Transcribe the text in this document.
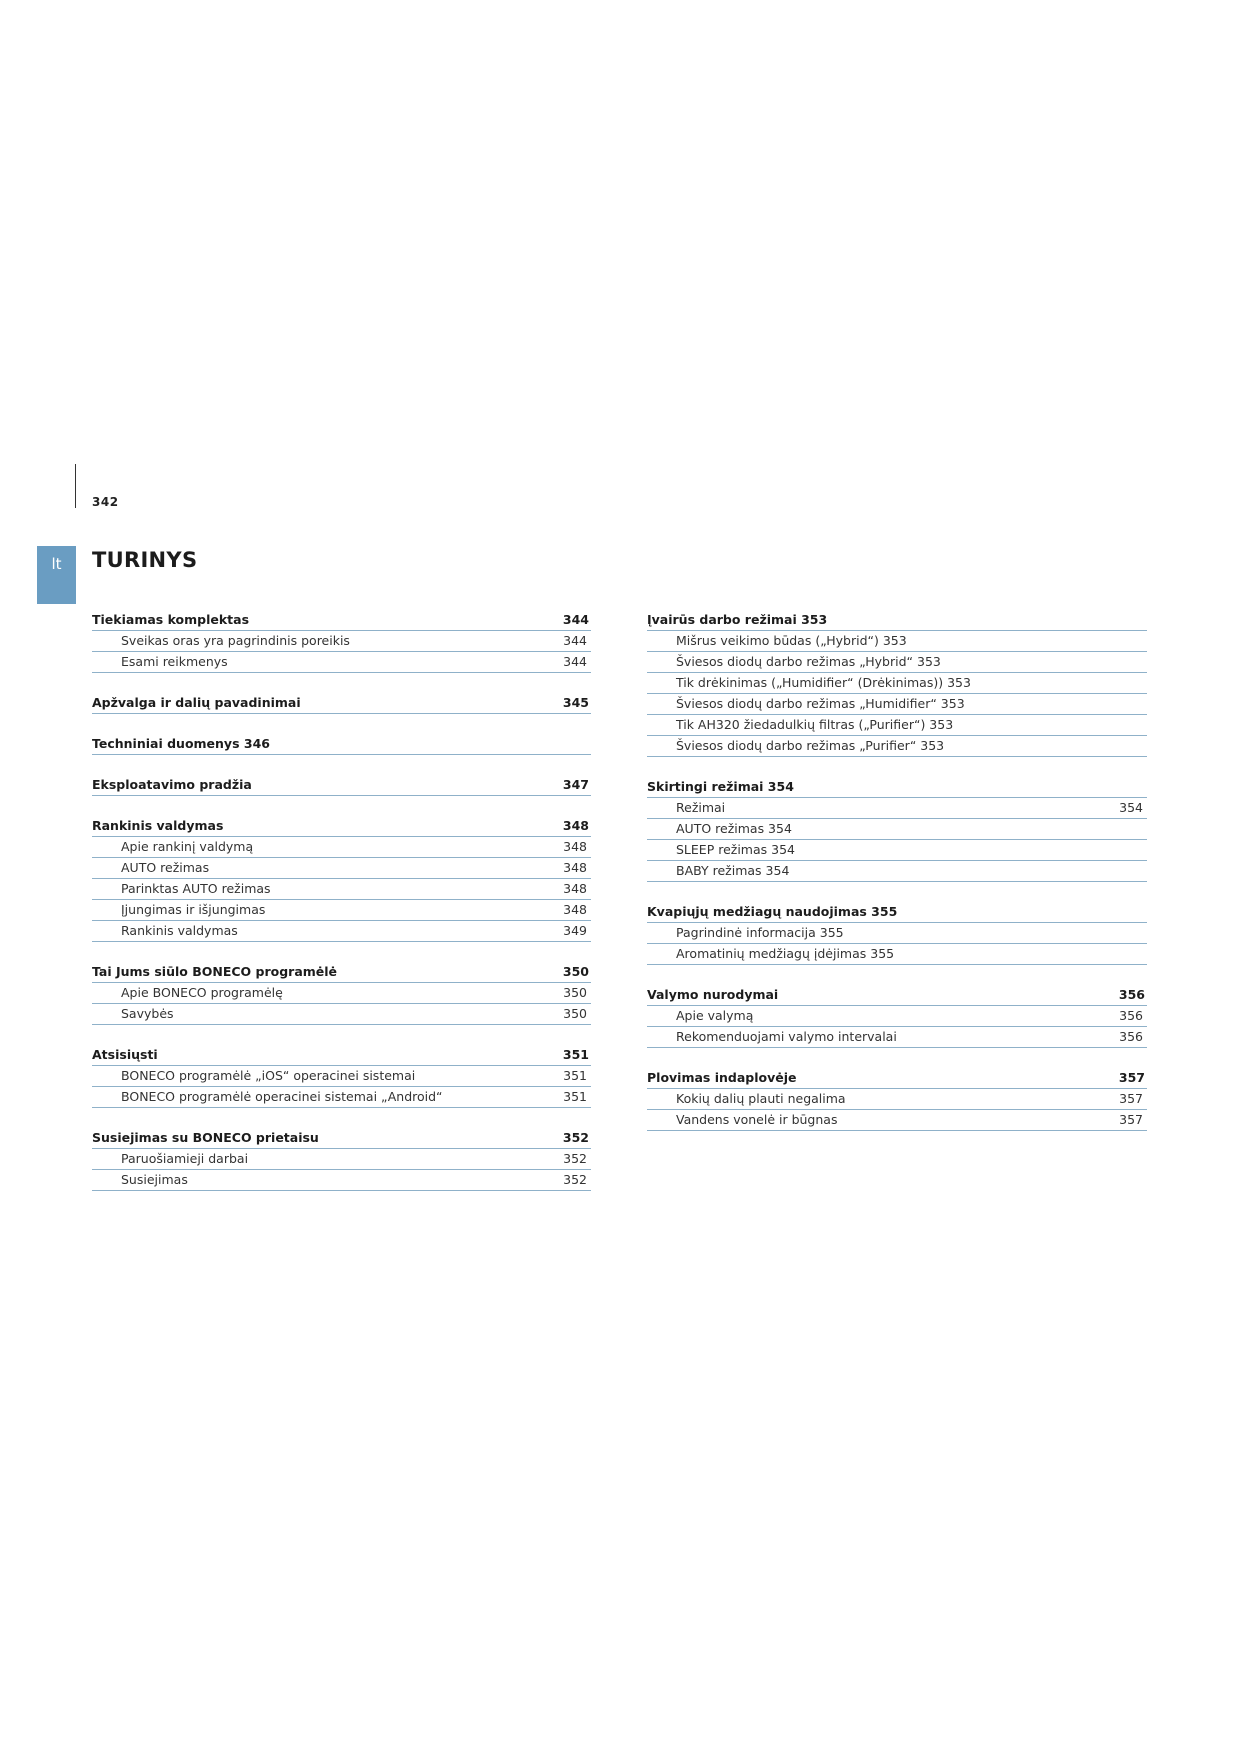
342
lt	TURINYS
Tiekiamas komplektas	344
Sveikas oras yra pagrindinis poreikis	344
Esami reikmenys	344
Apžvalga ir dalių pavadinimai	345
Techniniai duomenys 346
Eksploatavimo pradžia	347
Rankinis valdymas	348
Apie rankinį valdymą	348
AUTO režimas	348
Parinktas AUTO režimas	348
Įjungimas ir išjungimas	348
Rankinis valdymas	349
Tai Jums siūlo BONECO programėlė	350
Apie BONECO programėlę	350
Savybės	350
Atsisiųsti	351
BONECO programėlė „iOS“ operacinei sistemai	351
BONECO programėlė operacinei sistemai „Android“	351
Susiejimas su BONECO prietaisu	352
Paruošiamieji darbai	352
Susiejimas	352
Įvairūs darbo režimai 353
Mišrus veikimo būdas („Hybrid“) 353
Šviesos diodų darbo režimas „Hybrid“ 353
Tik drėkinimas („Humidifier“ (Drėkinimas)) 353
Šviesos diodų darbo režimas „Humidifier“ 353
Tik AH320 žiedadulkių filtras („Purifier“) 353
Šviesos diodų darbo režimas „Purifier“ 353
Skirtingi režimai 354
Režimai	354
AUTO režimas 354
SLEEP režimas 354
BABY režimas 354
Kvapiųjų medžiagų naudojimas 355
Pagrindinė informacija 355
Aromatinių medžiagų įdėjimas 355
Valymo nurodymai	356
Apie valymą	356
Rekomenduojami valymo intervalai	356
Plovimas indaplovėje	357
Kokių dalių plauti negalima	357
Vandens vonelė ir būgnas	357
